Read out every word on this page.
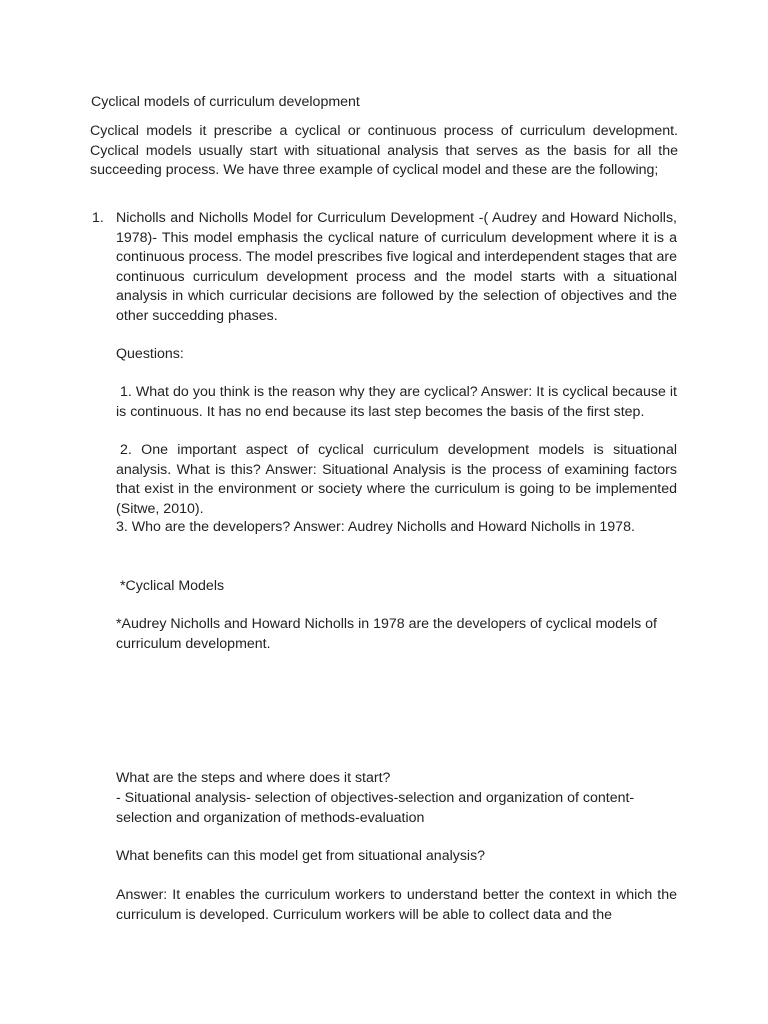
Cyclical models of curriculum development

Cyclical models it prescribe a cyclical or continuous process of curriculum development. Cyclical models usually start with situational analysis that serves as the basis for all the succeeding process. We have three example of cyclical model and these are the following;

1. Nicholls and Nicholls Model for Curriculum Development -( Audrey and Howard Nicholls, 1978)- This model emphasis the cyclical nature of curriculum development where it is a continuous process. The model prescribes five logical and interdependent stages that are continuous curriculum development process and the model starts with a situational analysis in which curricular decisions are followed by the selection of objectives and the other succedding phases.

Questions:

1. What do you think is the reason why they are cyclical? Answer: It is cyclical because it is continuous. It has no end because its last step becomes the basis of the first step.

2. One important aspect of cyclical curriculum development models is situational analysis. What is this? Answer: Situational Analysis is the process of examining factors that exist in the environment or society where the curriculum is going to be implemented (Sitwe, 2010).

3. Who are the developers? Answer: Audrey Nicholls and Howard Nicholls in 1978.

*Cyclical Models

*Audrey Nicholls and Howard Nicholls in 1978 are the developers of cyclical models of curriculum development.

What are the steps and where does it start?

- Situational analysis- selection of objectives-selection and organization of content-selection and organization of methods-evaluation

What benefits can this model get from situational analysis?

Answer: It enables the curriculum workers to understand better the context in which the curriculum is developed. Curriculum workers will be able to collect data and the
